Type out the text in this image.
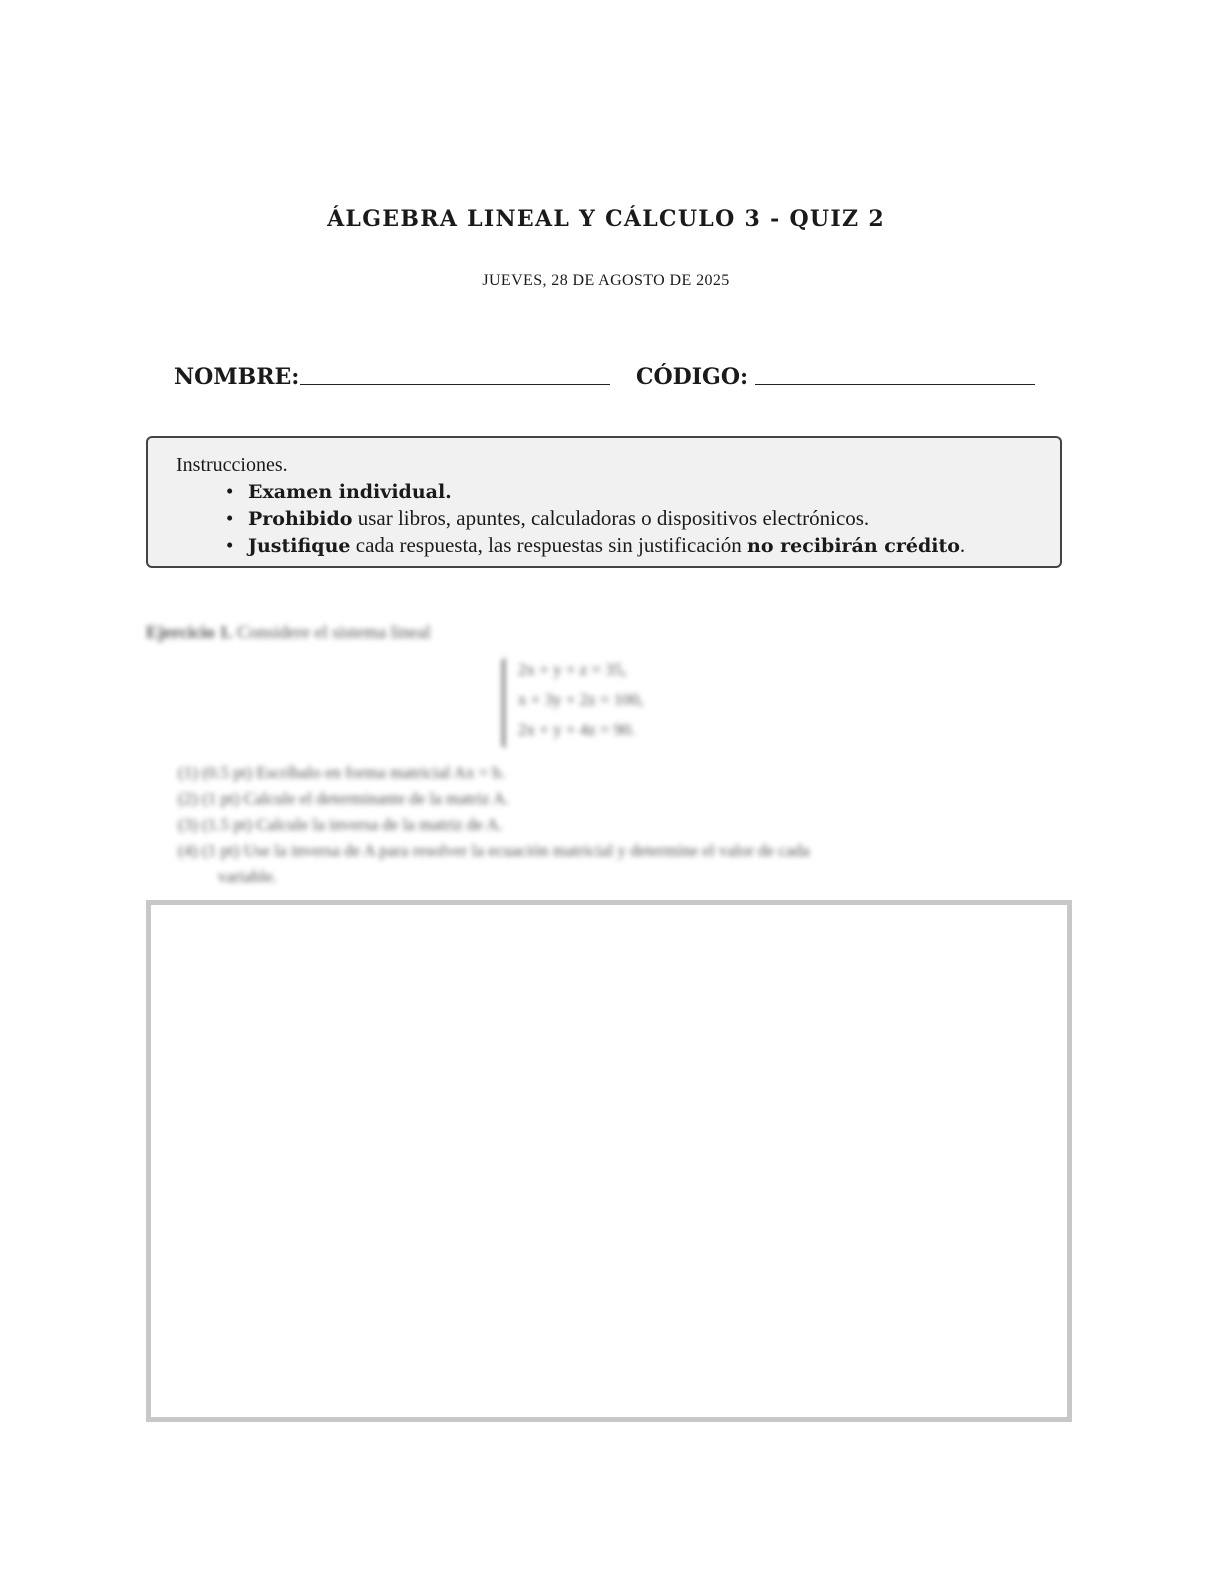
ÁLGEBRA LINEAL Y CÁLCULO 3 - QUIZ 2
JUEVES, 28 DE AGOSTO DE 2025
NOMBRE:	CÓDIGO:
Instrucciones.
• Examen individual.
• Prohibido usar libros, apuntes, calculadoras o dispositivos electrónicos.
• Justifique cada respuesta, las respuestas sin justificación no recibirán crédito.
Ejercicio 1. Considere el sistema lineal
2x + y + z = 35,
x + 3y + 2z = 100,
2x + y + 4z = 90.
(1) (0.5 pt) Escríbalo en forma matricial Ax = b.
(2) (1 pt) Calcule el determinante de la matriz A.
(3) (1.5 pt) Calcule la inversa de la matriz de A.
(4) (1 pt) Use la inversa de A para resolver la ecuación matricial y determine el valor de cada
variable.
